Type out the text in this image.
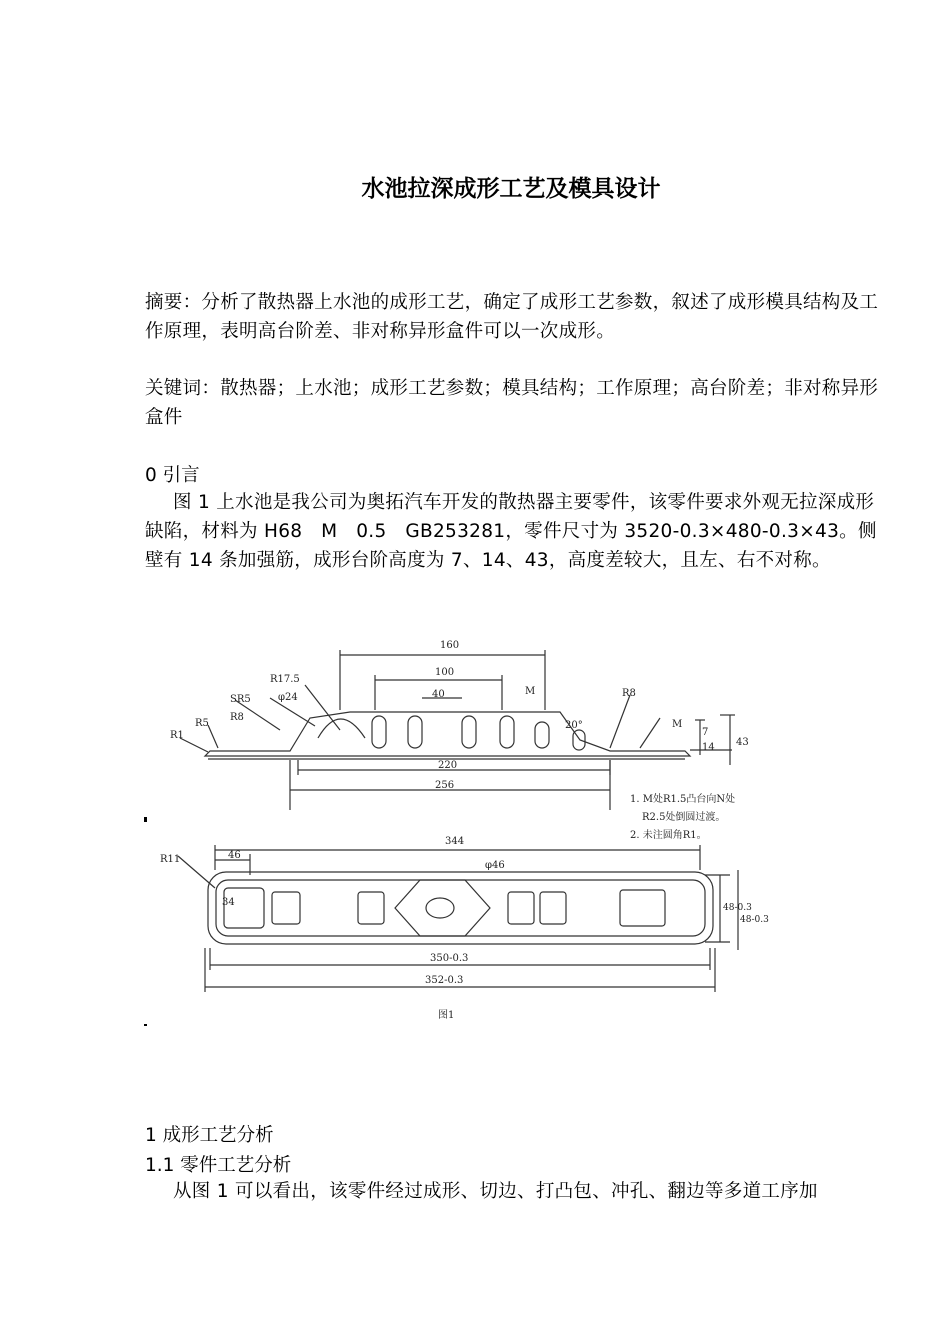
水池拉深成形工艺及模具设计
摘要：分析了散热器上水池的成形工艺，确定了成形工艺参数，叙述了成形模具结构及工作原理，表明高台阶差、非对称异形盒件可以一次成形。
关键词：散热器；上水池；成形工艺参数；模具结构；工作原理；高台阶差；非对称异形盒件
0 引言
图 1 上水池是我公司为奥拓汽车开发的散热器主要零件，该零件要求外观无拉深成形缺陷，材料为 H68　M　0.5　GB253281，零件尺寸为 3520-0.3×480-0.3×43。侧壁有 14 条加强筋，成形台阶高度为 7、14、43，高度差较大，且左、右不对称。
160
100
40
220
256
R17.5
φ24
SR5
R8
R5
R1
M	R8
M
20°
43
7
14
1. M处R1.5凸台向N处
R2.5处倒圆过渡。
2. 未注圆角R1。
344
46
φ46
R11
34
350-0.3
352-0.3
48-0.3
48-0.3
图1
1 成形工艺分析
1.1 零件工艺分析
从图 1 可以看出，该零件经过成形、切边、打凸包、冲孔、翻边等多道工序加
